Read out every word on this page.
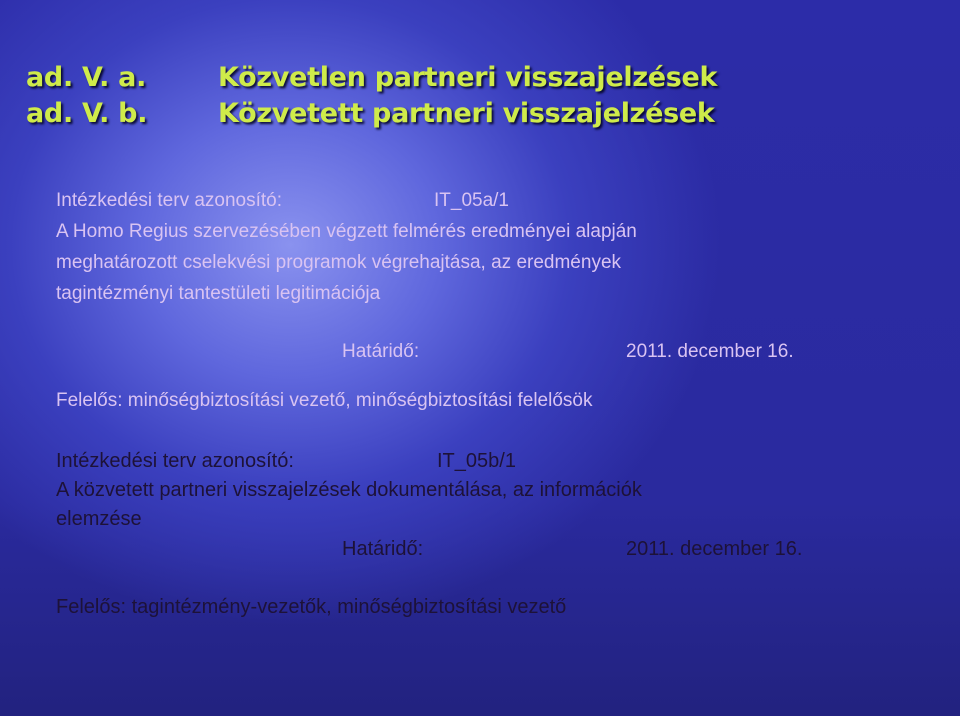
ad. V. a.	Közvetlen partneri visszajelzések
ad. V. b.	Közvetett partneri visszajelzések
Intézkedési terv azonosító:	IT_05a/1
A Homo Regius szervezésében végzett felmérés eredményei alapján
meghatározott cselekvési programok végrehajtása, az eredmények
tagintézményi tantestületi legitimációja
Határidő:	2011. december 16.
Felelős: minőségbiztosítási vezető, minőségbiztosítási felelősök
Intézkedési terv azonosító:	IT_05b/1
A közvetett partneri visszajelzések dokumentálása, az információk
elemzése
Határidő:	2011. december 16.
Felelős: tagintézmény-vezetők, minőségbiztosítási vezető
